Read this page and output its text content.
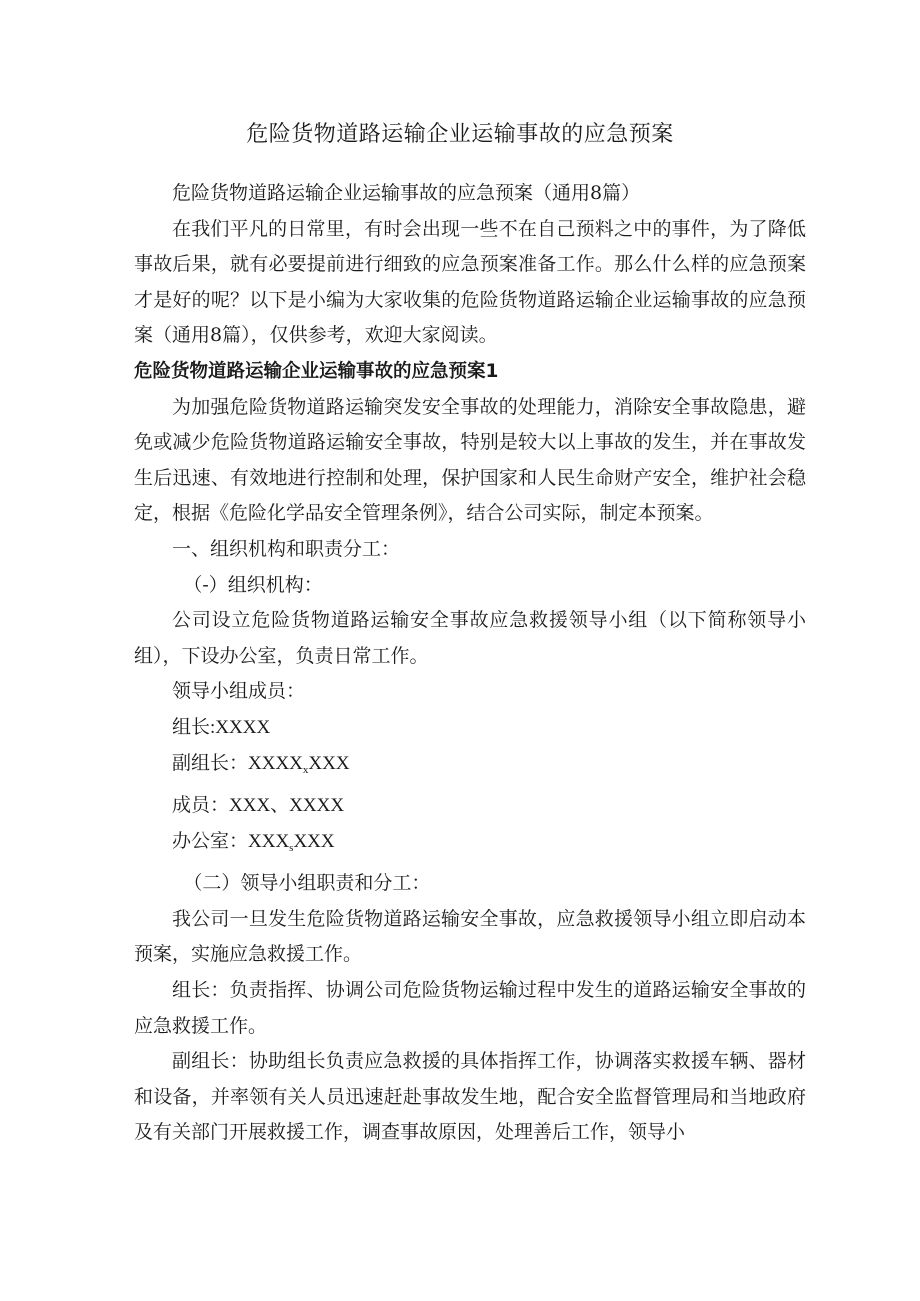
危险货物道路运输企业运输事故的应急预案

危险货物道路运输企业运输事故的应急预案（通用8篇）

在我们平凡的日常里，有时会出现一些不在自己预料之中的事件，为了降低事故后果，就有必要提前进行细致的应急预案准备工作。那么什么样的应急预案才是好的呢？以下是小编为大家收集的危险货物道路运输企业运输事故的应急预案（通用8篇），仅供参考，欢迎大家阅读。

危险货物道路运输企业运输事故的应急预案1

为加强危险货物道路运输突发安全事故的处理能力，消除安全事故隐患，避免或减少危险货物道路运输安全事故，特别是较大以上事故的发生，并在事故发生后迅速、有效地进行控制和处理，保护国家和人民生命财产安全，维护社会稳定，根据《危险化学品安全管理条例》，结合公司实际，制定本预案。

一、组织机构和职责分工：

（-）组织机构：

公司设立危险货物道路运输安全事故应急救援领导小组（以下简称领导小组），下设办公室，负责日常工作。

领导小组成员：

组长:XXXX

副组长：$XXXX_xXXX$

成员：XXX、XXXX

办公室：$XXX_sXXX$

（二）领导小组职责和分工：

我公司一旦发生危险货物道路运输安全事故，应急救援领导小组立即启动本预案，实施应急救援工作。

组长：负责指挥、协调公司危险货物运输过程中发生的道路运输安全事故的应急救援工作。

副组长：协助组长负责应急救援的具体指挥工作，协调落实救援车辆、器材和设备，并率领有关人员迅速赶赴事故发生地，配合安全监督管理局和当地政府及有关部门开展救援工作，调查事故原因，处理善后工作，领导小
